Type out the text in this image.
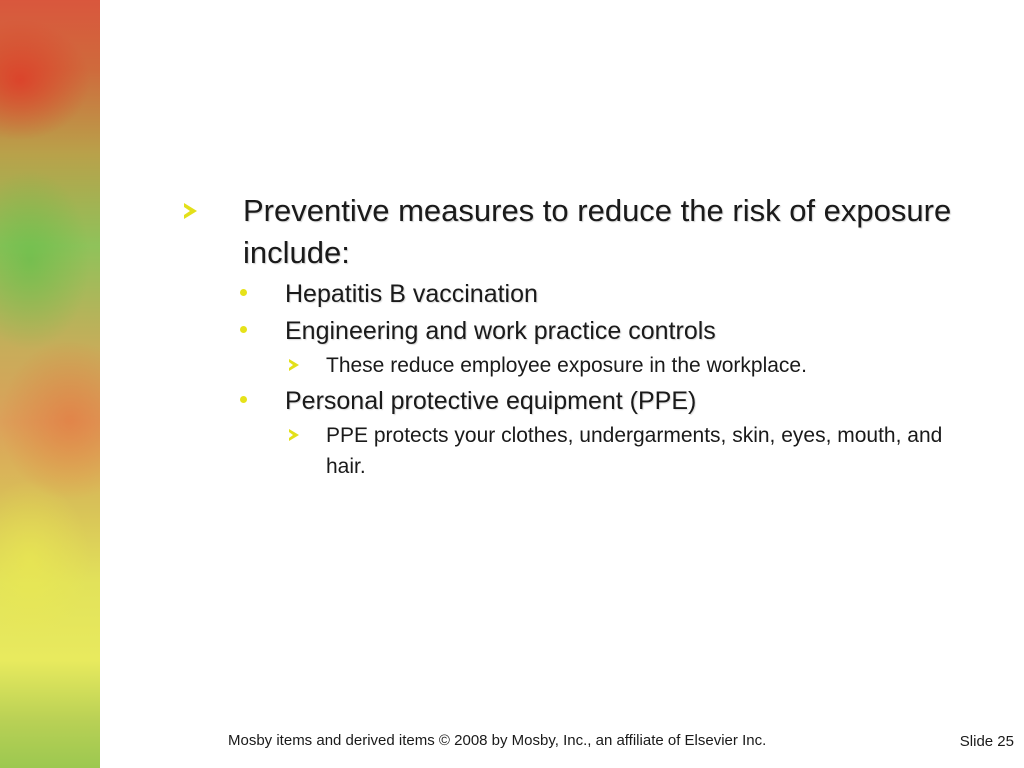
Preventive measures to reduce the risk of exposure include:
Hepatitis B vaccination
Engineering and work practice controls
These reduce employee exposure in the workplace.
Personal protective equipment (PPE)
PPE protects your clothes, undergarments, skin, eyes, mouth, and hair.
Mosby items and derived items © 2008 by Mosby, Inc., an affiliate of Elsevier Inc.	Slide 25
